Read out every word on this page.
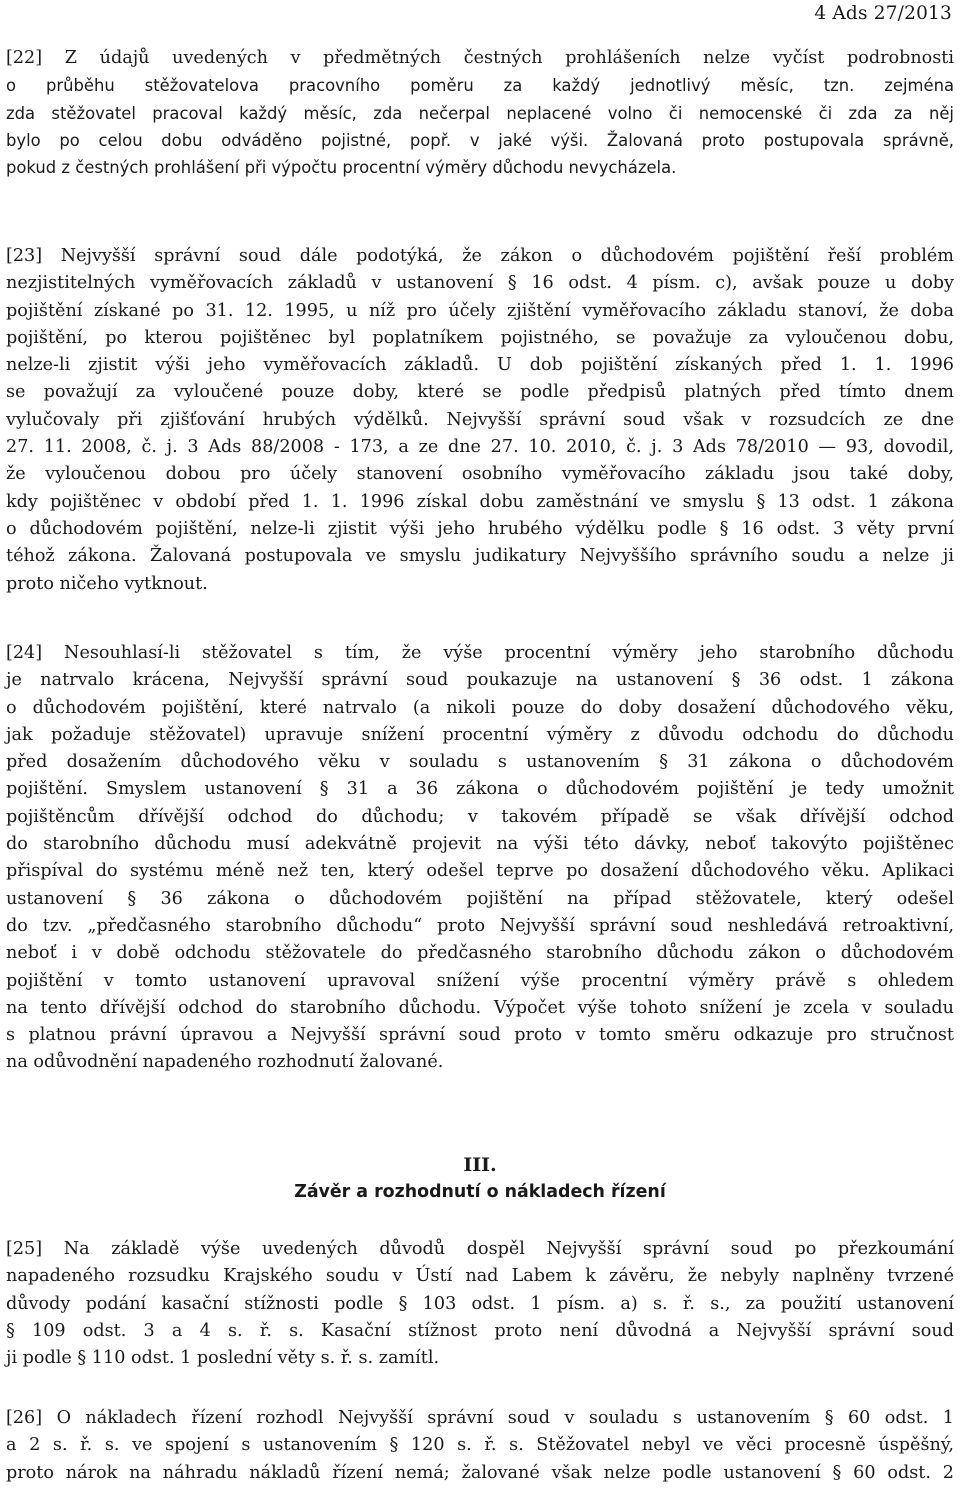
4 Ads 27/2013
[22] Z údajů uvedených v předmětných čestných prohlášeních nelze vyčíst podrobnosti
o průběhu stěžovatelova pracovního poměru za každý jednotlivý měsíc, tzn. zejména
zda stěžovatel pracoval každý měsíc, zda nečerpal neplacené volno či nemocenské či zda za něj
bylo po celou dobu odváděno pojistné, popř. v jaké výši. Žalovaná proto postupovala správně,
pokud z čestných prohlášení při výpočtu procentní výměry důchodu nevycházela.
[23] Nejvyšší správní soud dále podotýká, že zákon o důchodovém pojištění řeší problém
nezjistitelných vyměřovacích základů v ustanovení § 16 odst. 4 písm. c), avšak pouze u doby
pojištění získané po 31. 12. 1995, u níž pro účely zjištění vyměřovacího základu stanoví, že doba
pojištění, po kterou pojištěnec byl poplatníkem pojistného, se považuje za vyloučenou dobu,
nelze-li zjistit výši jeho vyměřovacích základů. U dob pojištění získaných před 1. 1. 1996
se považují za vyloučené pouze doby, které se podle předpisů platných před tímto dnem
vylučovaly při zjišťování hrubých výdělků. Nejvyšší správní soud však v rozsudcích ze dne
27. 11. 2008, č. j. 3 Ads 88/2008 - 173, a ze dne 27. 10. 2010, č. j. 3 Ads 78/2010 — 93, dovodil,
že vyloučenou dobou pro účely stanovení osobního vyměřovacího základu jsou také doby,
kdy pojištěnec v období před 1. 1. 1996 získal dobu zaměstnání ve smyslu § 13 odst. 1 zákona
o důchodovém pojištění, nelze-li zjistit výši jeho hrubého výdělku podle § 16 odst. 3 věty první
téhož zákona. Žalovaná postupovala ve smyslu judikatury Nejvyššího správního soudu a nelze ji
proto ničeho vytknout.
[24] Nesouhlasí-li stěžovatel s tím, že výše procentní výměry jeho starobního důchodu
je natrvalo krácena, Nejvyšší správní soud poukazuje na ustanovení § 36 odst. 1 zákona
o důchodovém pojištění, které natrvalo (a nikoli pouze do doby dosažení důchodového věku,
jak požaduje stěžovatel) upravuje snížení procentní výměry z důvodu odchodu do důchodu
před dosažením důchodového věku v souladu s ustanovením § 31 zákona o důchodovém
pojištění. Smyslem ustanovení § 31 a 36 zákona o důchodovém pojištění je tedy umožnit
pojištěncům dřívější odchod do důchodu; v takovém případě se však dřívější odchod
do starobního důchodu musí adekvátně projevit na výši této dávky, neboť takovýto pojištěnec
přispíval do systému méně než ten, který odešel teprve po dosažení důchodového věku. Aplikaci
ustanovení § 36 zákona o důchodovém pojištění na případ stěžovatele, který odešel
do tzv. „předčasného starobního důchodu“ proto Nejvyšší správní soud neshledává retroaktivní,
neboť i v době odchodu stěžovatele do předčasného starobního důchodu zákon o důchodovém
pojištění v tomto ustanovení upravoval snížení výše procentní výměry právě s ohledem
na tento dřívější odchod do starobního důchodu. Výpočet výše tohoto snížení je zcela v souladu
s platnou právní úpravou a Nejvyšší správní soud proto v tomto směru odkazuje pro stručnost
na odůvodnění napadeného rozhodnutí žalované.
III.
Závěr a rozhodnutí o nákladech řízení
[25] Na základě výše uvedených důvodů dospěl Nejvyšší správní soud po přezkoumání
napadeného rozsudku Krajského soudu v Ústí nad Labem k závěru, že nebyly naplněny tvrzené
důvody podání kasační stížnosti podle § 103 odst. 1 písm. a) s. ř. s., za použití ustanovení
§ 109 odst. 3 a 4 s. ř. s. Kasační stížnost proto není důvodná a Nejvyšší správní soud
ji podle § 110 odst. 1 poslední věty s. ř. s. zamítl.
[26] O nákladech řízení rozhodl Nejvyšší správní soud v souladu s ustanovením § 60 odst. 1
a 2 s. ř. s. ve spojení s ustanovením § 120 s. ř. s. Stěžovatel nebyl ve věci procesně úspěšný,
proto nárok na náhradu nákladů řízení nemá; žalované však nelze podle ustanovení § 60 odst. 2
